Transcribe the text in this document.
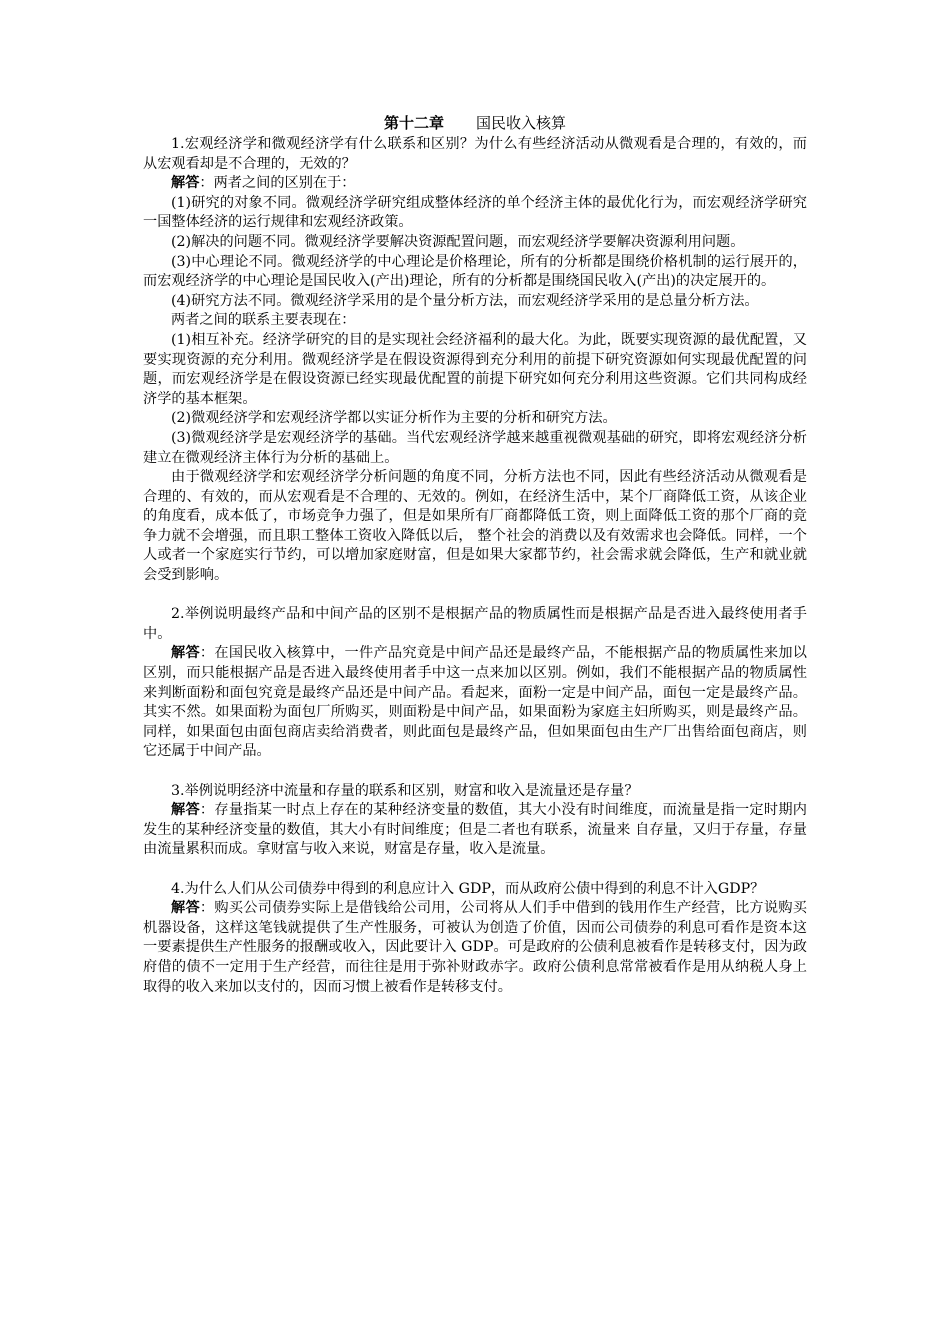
第十二章 国民收入核算

1.宏观经济学和微观经济学有什么联系和区别？为什么有些经济活动从微观看是合理的，有效的，而从宏观看却是不合理的，无效的？

解答：两者之间的区别在于：

(1)研究的对象不同。微观经济学研究组成整体经济的单个经济主体的最优化行为，而宏观经济学研究一国整体经济的运行规律和宏观经济政策。

(2)解决的问题不同。微观经济学要解决资源配置问题，而宏观经济学要解决资源利用问题。

(3)中心理论不同。微观经济学的中心理论是价格理论，所有的分析都是围绕价格机制的运行展开的，而宏观经济学的中心理论是国民收入(产出)理论，所有的分析都是围绕国民收入(产出)的决定展开的。

(4)研究方法不同。微观经济学采用的是个量分析方法，而宏观经济学采用的是总量分析方法。

两者之间的联系主要表现在：

(1)相互补充。经济学研究的目的是实现社会经济福利的最大化。为此，既要实现资源的最优配置，又要实现资源的充分利用。微观经济学是在假设资源得到充分利用的前提下研究资源如何实现最优配置的问题，而宏观经济学是在假设资源已经实现最优配置的前提下研究如何充分利用这些资源。它们共同构成经济学的基本框架。

(2)微观经济学和宏观经济学都以实证分析作为主要的分析和研究方法。

(3)微观经济学是宏观经济学的基础。当代宏观经济学越来越重视微观基础的研究，即将宏观经济分析建立在微观经济主体行为分析的基础上。

由于微观经济学和宏观经济学分析问题的角度不同，分析方法也不同，因此有些经济活动从微观看是合理的、有效的，而从宏观看是不合理的、无效的。例如，在经济生活中，某个厂商降低工资，从该企业的角度看，成本低了，市场竞争力强了，但是如果所有厂商都降低工资，则上面降低工资的那个厂商的竞争力就不会增强，而且职工整体工资收入降低以后， 整个社会的消费以及有效需求也会降低。同样，一个人或者一个家庭实行节约，可以增加家庭财富，但是如果大家都节约，社会需求就会降低，生产和就业就会受到影响。

2.举例说明最终产品和中间产品的区别不是根据产品的物质属性而是根据产品是否进入最终使用者手中。

解答：在国民收入核算中，一件产品究竟是中间产品还是最终产品，不能根据产品的物质属性来加以区别，而只能根据产品是否进入最终使用者手中这一点来加以区别。例如，我们不能根据产品的物质属性来判断面粉和面包究竟是最终产品还是中间产品。看起来，面粉一定是中间产品，面包一定是最终产品。其实不然。如果面粉为面包厂所购买，则面粉是中间产品，如果面粉为家庭主妇所购买，则是最终产品。同样，如果面包由面包商店卖给消费者，则此面包是最终产品，但如果面包由生产厂出售给面包商店，则它还属于中间产品。

3.举例说明经济中流量和存量的联系和区别，财富和收入是流量还是存量？

解答：存量指某一时点上存在的某种经济变量的数值，其大小没有时间维度，而流量是指一定时期内发生的某种经济变量的数值，其大小有时间维度；但是二者也有联系，流量来 自存量，又归于存量，存量由流量累积而成。拿财富与收入来说，财富是存量，收入是流量。

4.为什么人们从公司债券中得到的利息应计入 GDP，而从政府公债中得到的利息不计入GDP？

解答：购买公司债券实际上是借钱给公司用，公司将从人们手中借到的钱用作生产经营，比方说购买机器设备，这样这笔钱就提供了生产性服务，可被认为创造了价值，因而公司债券的利息可看作是资本这一要素提供生产性服务的报酬或收入，因此要计入 GDP。可是政府的公债利息被看作是转移支付，因为政府借的债不一定用于生产经营，而往往是用于弥补财政赤字。政府公债利息常常被看作是用从纳税人身上取得的收入来加以支付的，因而习惯上被看作是转移支付。
